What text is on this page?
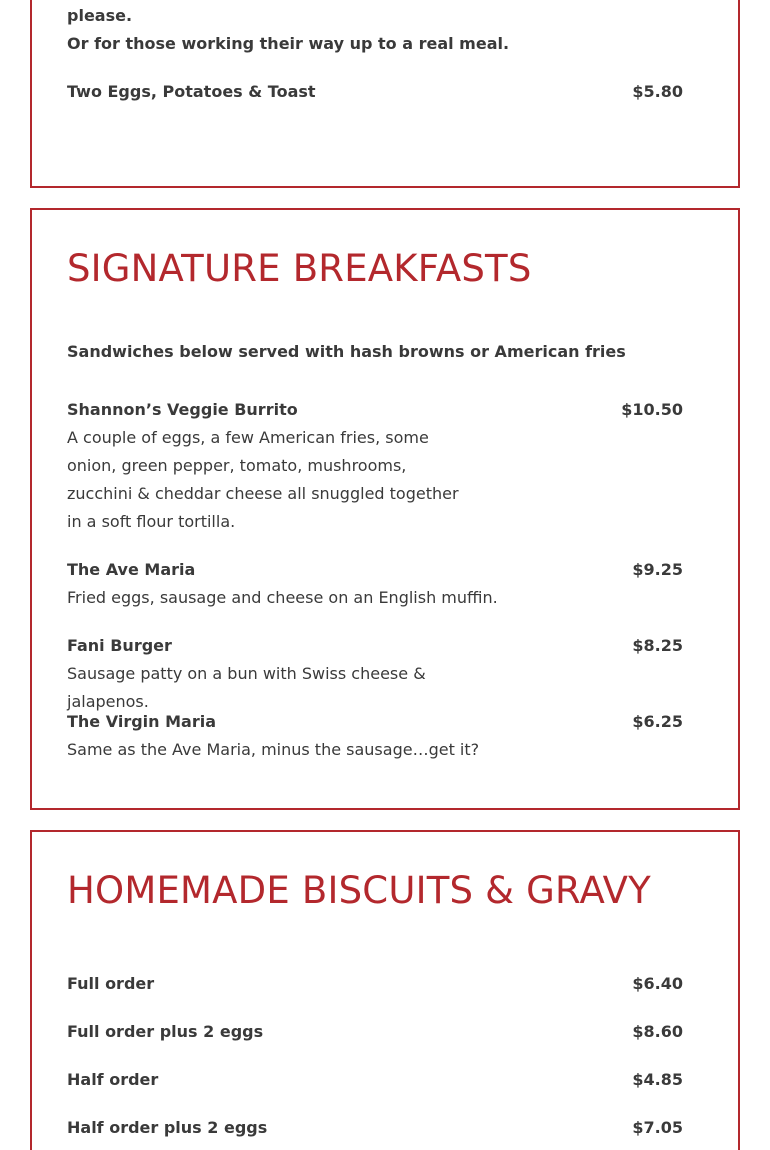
please.
Or for those working their way up to a real meal.
Two Eggs, Potatoes & Toast	$5.80
SIGNATURE BREAKFASTS
Sandwiches below served with hash browns or American fries
Shannon’s Veggie Burrito	$10.50
A couple of eggs, a few American fries, some onion, green pepper, tomato, mushrooms, zucchini & cheddar cheese all snuggled together in a soft flour tortilla.
The Ave Maria	$9.25
Fried eggs, sausage and cheese on an English muffin.
Fani Burger	$8.25
Sausage patty on a bun with Swiss cheese & jalapenos.
The Virgin Maria	$6.25
Same as the Ave Maria, minus the sausage…get it?
HOMEMADE BISCUITS & GRAVY
Full order	$6.40
Full order plus 2 eggs	$8.60
Half order	$4.85
Half order plus 2 eggs	$7.05
